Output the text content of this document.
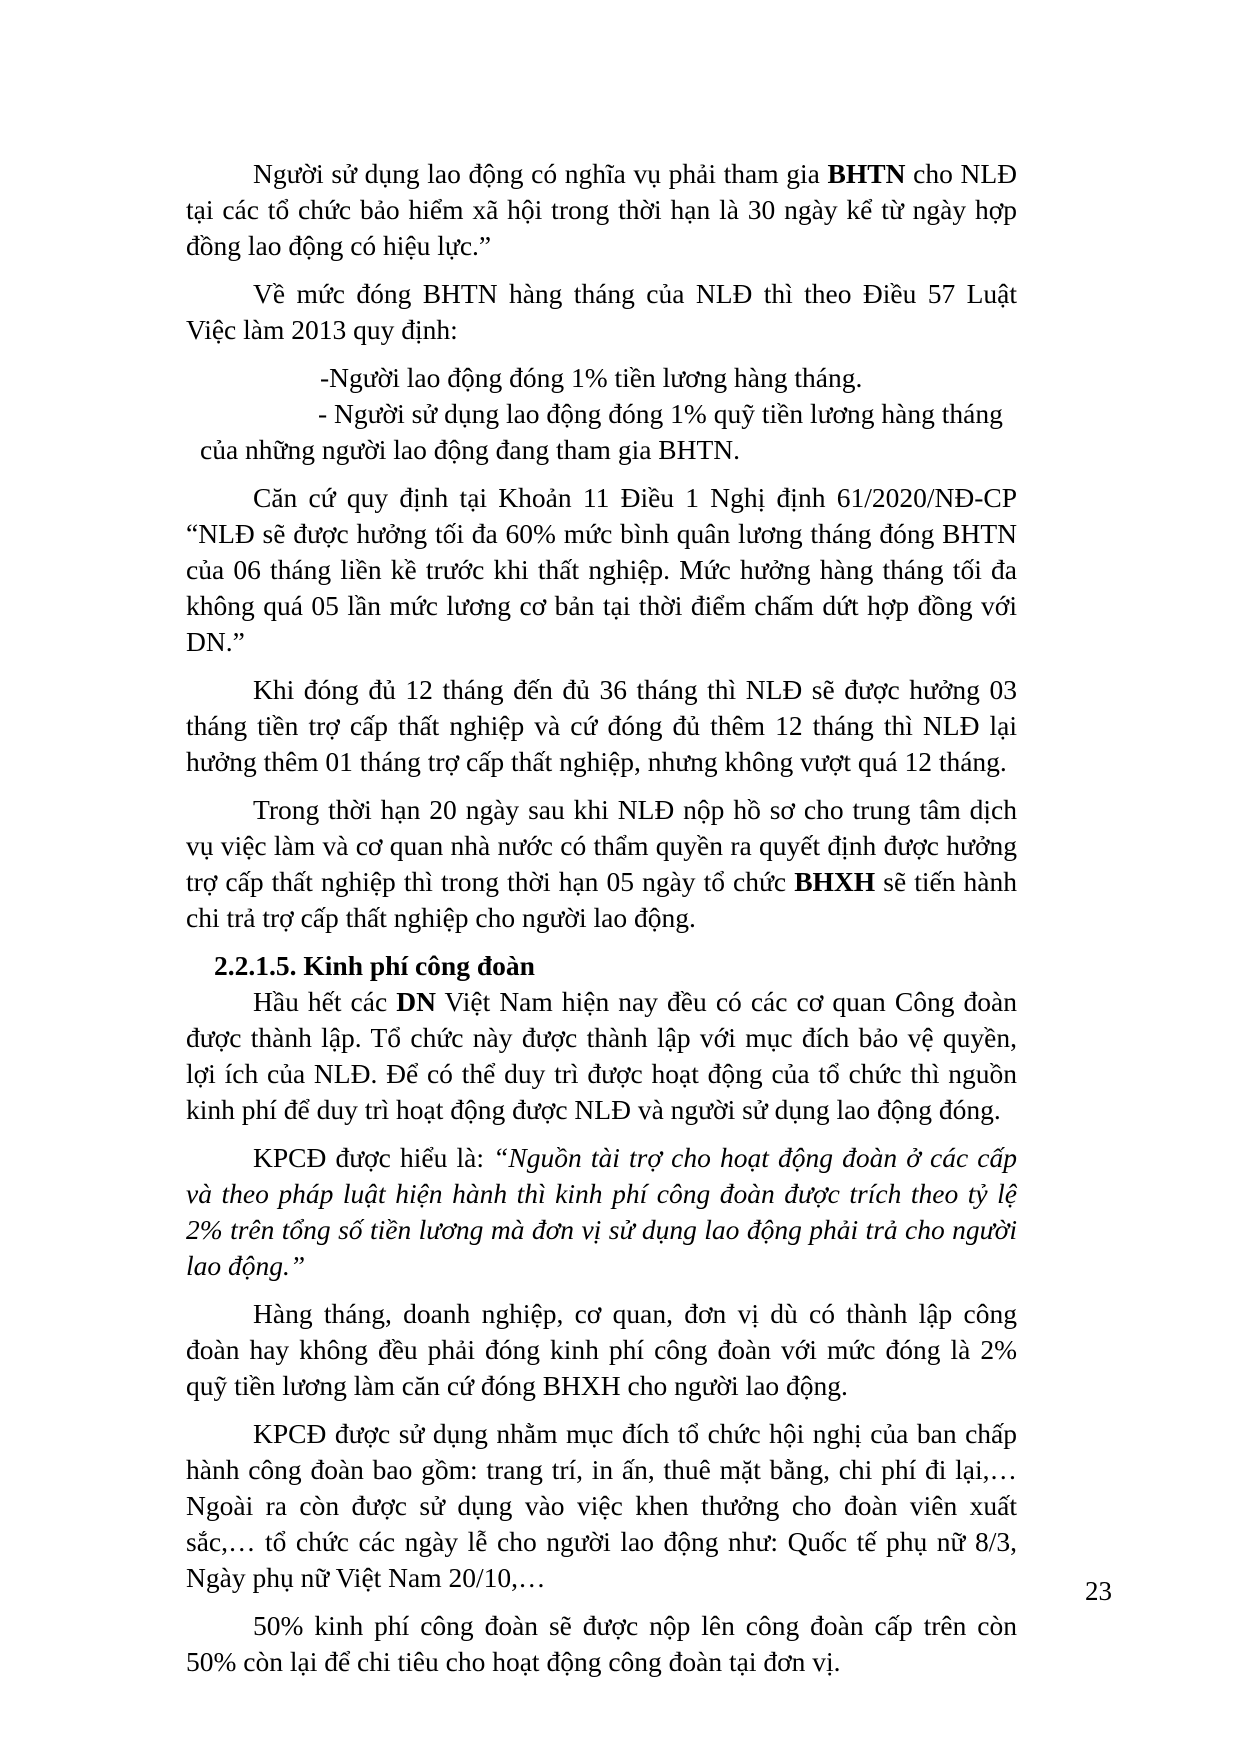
Người sử dụng lao động có nghĩa vụ phải tham gia BHTN cho NLĐ tại các tổ chức bảo hiểm xã hội trong thời hạn là 30 ngày kể từ ngày hợp đồng lao động có hiệu lực.”

Về mức đóng BHTN hàng tháng của NLĐ thì theo Điều 57 Luật Việc làm 2013 quy định:

-Người lao động đóng 1% tiền lương hàng tháng.

- Người sử dụng lao động đóng 1% quỹ tiền lương hàng tháng của những người lao động đang tham gia BHTN.

Căn cứ quy định tại Khoản 11 Điều 1 Nghị định 61/2020/NĐ-CP “NLĐ sẽ được hưởng tối đa 60% mức bình quân lương tháng đóng BHTN của 06 tháng liền kề trước khi thất nghiệp. Mức hưởng hàng tháng tối đa không quá 05 lần mức lương cơ bản tại thời điểm chấm dứt hợp đồng với DN.”

Khi đóng đủ 12 tháng đến đủ 36 tháng thì NLĐ sẽ được hưởng 03 tháng tiền trợ cấp thất nghiệp và cứ đóng đủ thêm 12 tháng thì NLĐ lại hưởng thêm 01 tháng trợ cấp thất nghiệp, nhưng không vượt quá 12 tháng.

Trong thời hạn 20 ngày sau khi NLĐ nộp hồ sơ cho trung tâm dịch vụ việc làm và cơ quan nhà nước có thẩm quyền ra quyết định được hưởng trợ cấp thất nghiệp thì trong thời hạn 05 ngày tổ chức BHXH sẽ tiến hành chi trả trợ cấp thất nghiệp cho người lao động.

2.2.1.5. Kinh phí công đoàn

Hầu hết các DN Việt Nam hiện nay đều có các cơ quan Công đoàn được thành lập. Tổ chức này được thành lập với mục đích bảo vệ quyền, lợi ích của NLĐ. Để có thể duy trì được hoạt động của tổ chức thì nguồn kinh phí để duy trì hoạt động được NLĐ và người sử dụng lao động đóng.

KPCĐ được hiểu là: “Nguồn tài trợ cho hoạt động đoàn ở các cấp và theo pháp luật hiện hành thì kinh phí công đoàn được trích theo tỷ lệ 2% trên tổng số tiền lương mà đơn vị sử dụng lao động phải trả cho người lao động.”

Hàng tháng, doanh nghiệp, cơ quan, đơn vị dù có thành lập công đoàn hay không đều phải đóng kinh phí công đoàn với mức đóng là 2% quỹ tiền lương làm căn cứ đóng BHXH cho người lao động.

KPCĐ được sử dụng nhằm mục đích tổ chức hội nghị của ban chấp hành công đoàn bao gồm: trang trí, in ấn, thuê mặt bằng, chi phí đi lại,… Ngoài ra còn được sử dụng vào việc khen thưởng cho đoàn viên xuất sắc,… tổ chức các ngày lễ cho người lao động như: Quốc tế phụ nữ 8/3, Ngày phụ nữ Việt Nam 20/10,…

50% kinh phí công đoàn sẽ được nộp lên công đoàn cấp trên còn 50% còn lại để chi tiêu cho hoạt động công đoàn tại đơn vị.

23
